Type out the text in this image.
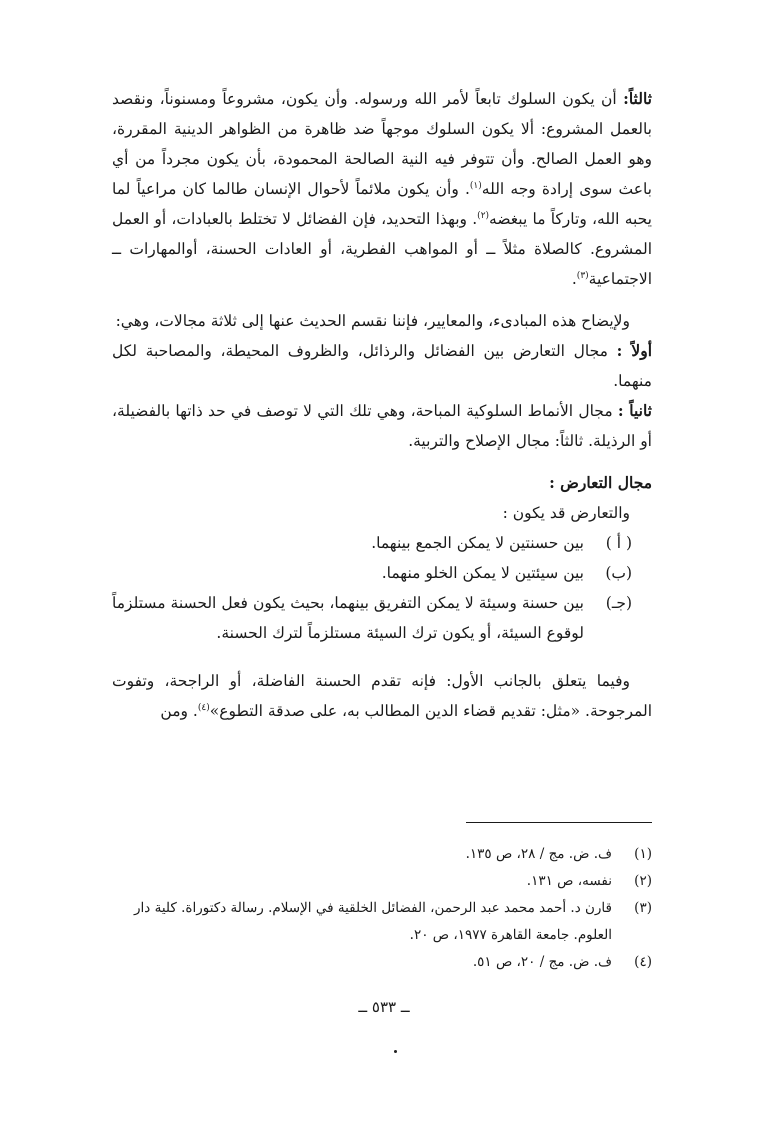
ثالثاً: أن يكون السلوك تابعاً لأمر الله ورسوله. وأن يكون، مشروعاً ومسنوناً، ونقصد بالعمل المشروع: ألا يكون السلوك موجهاً ضد ظاهرة من الظواهر الدينية المقررة، وهو العمل الصالح. وأن تتوفر فيه النية الصالحة المحمودة، بأن يكون مجرداً من أي باعث سوى إرادة وجه الله$^{(١)}$. وأن يكون ملائماً لأحوال الإنسان طالما كان مراعياً لما يحبه الله، وتاركاً ما يبغضه$^{(٢)}$. وبهذا التحديد، فإن الفضائل لا تختلط بالعبادات، أو العمل المشروع. كالصلاة مثلاً ــ أو المواهب الفطرية، أو العادات الحسنة، أوالمهارات ــ الاجتماعية$^{(٣)}$.

ولإيضاح هذه المبادىء، والمعايير، فإننا نقسم الحديث عنها إلى ثلاثة مجالات، وهي:

أولاً : مجال التعارض بين الفضائل والرذائل، والظروف المحيطة، والمصاحبة لكل منهما.

ثانياً : مجال الأنماط السلوكية المباحة، وهي تلك التي لا توصف في حد ذاتها بالفضيلة، أو الرذيلة. ثالثاً: مجال الإصلاح والتربية.

مجال التعارض :

والتعارض قد يكون :

( أ )
بين حسنتين لا يمكن الجمع بينهما.
(ب)
بين سيئتين لا يمكن الخلو منهما.
(جـ)
بين حسنة وسيئة لا يمكن التفريق بينهما، بحيث يكون فعل الحسنة مستلزماً لوقوع السيئة، أو يكون ترك السيئة مستلزماً لترك الحسنة.

وفيما يتعلق بالجانب الأول: فإنه تقدم الحسنة الفاضلة، أو الراجحة، وتفوت المرجوحة. «مثل: تقديم قضاء الدين المطالب به، على صدقة التطوع»$^{(٤)}$. ومن

(١)
ف. ض. مج / ٢٨، ص ١٣٥.
(٢)
نفسه، ص ١٣١.
(٣)
قارن د. أحمد محمد عبد الرحمن، الفضائل الخلقية في الإسلام. رسالة دكتوراة. كلية دار العلوم. جامعة القاهرة ١٩٧٧، ص ٢٠.
(٤)
ف. ض. مج / ٢٠، ص ٥١.
ــ ٥٣٣ ــ
